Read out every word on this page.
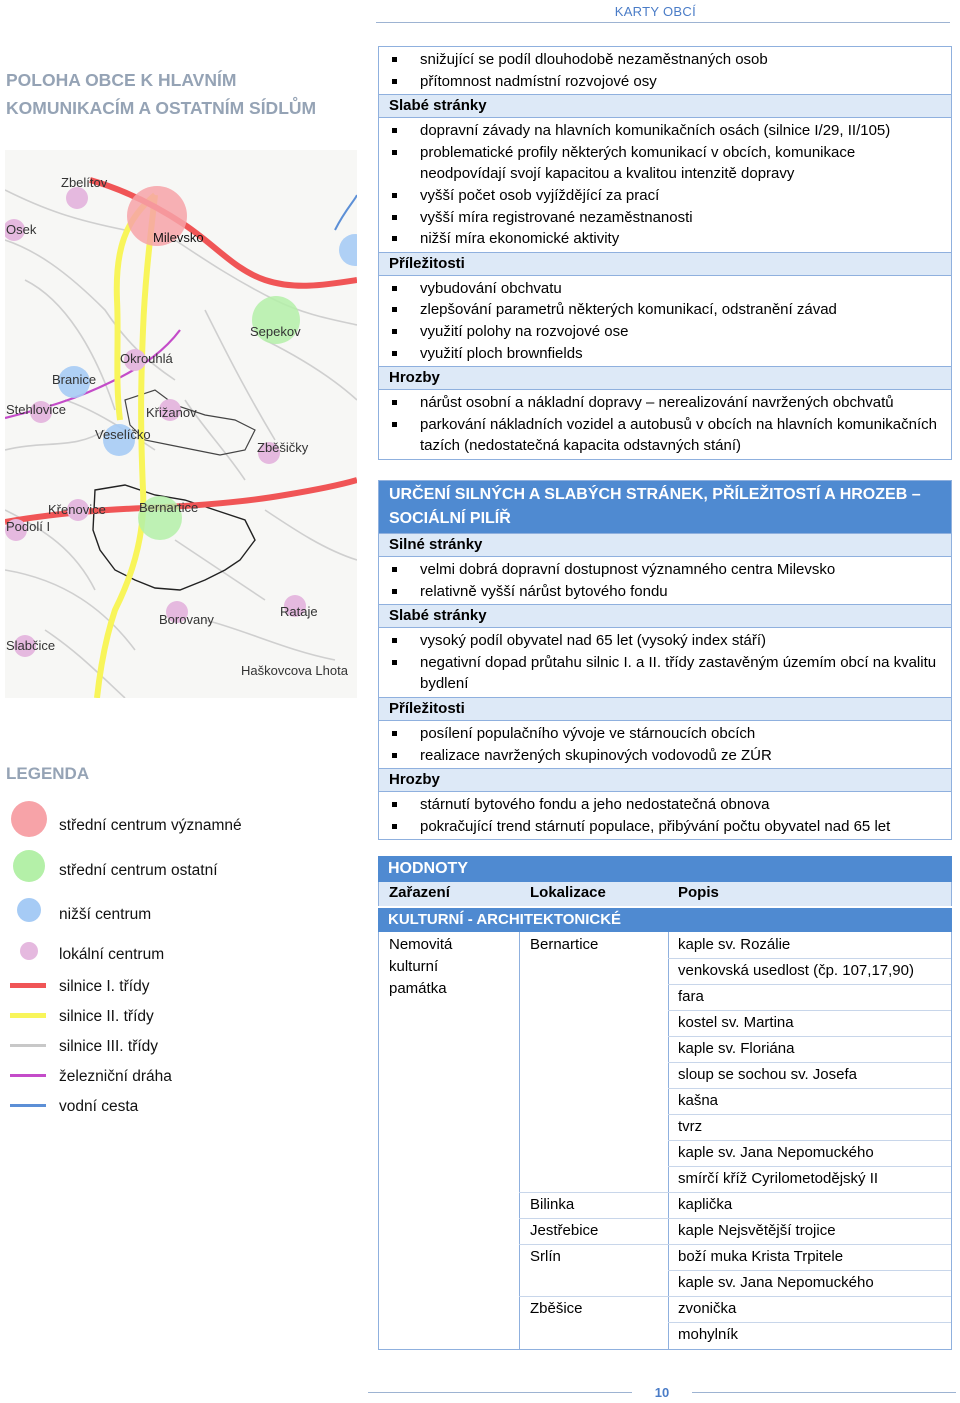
KARTY OBCÍ
POLOHA OBCE K HLAVNÍM KOMUNIKACÍM A OSTATNÍM SÍDLŮM
Zbelítov
Osek
Milevsko
Sepekov
Okrouhlá
Branice
Stehlovice	Křižanov
Veselíčko
Zběšičky
Křenovice
Podolí I
Bernartice
Borovany
Rataje
Slabčice
Haškovcova Lhota
LEGENDA
střední centrum významné
střední centrum ostatní
nižší centrum
lokální centrum
silnice I. třídy
silnice II. třídy
silnice III. třídy
železniční dráha
vodní cesta
snižující se podíl dlouhodobě nezaměstnaných osob
přítomnost nadmístní rozvojové osy
Slabé stránky
dopravní závady na hlavních komunikačních osách (silnice I/29, II/105)
problematické profily některých komunikací v obcích, komunikace neodpovídají svojí kapacitou a kvalitou intenzitě dopravy
vyšší počet osob vyjíždějící za prací
vyšší míra registrované nezaměstnanosti
nižší míra ekonomické aktivity
Příležitosti
vybudování obchvatu
zlepšování parametrů některých komunikací, odstranění závad
využití polohy na rozvojové ose
využití ploch brownfields
Hrozby
nárůst osobní a nákladní dopravy – nerealizování navržených obchvatů
parkování nákladních vozidel a autobusů v obcích na hlavních komunikačních tazích (nedostatečná kapacita odstavných stání)
URČENÍ SILNÝCH A SLABÝCH STRÁNEK, PŘÍLEŽITOSTÍ A HROZEB – SOCIÁLNÍ PILÍŘ
Silné stránky
velmi dobrá dopravní dostupnost významného centra Milevsko
relativně vyšší nárůst bytového fondu
Slabé stránky
vysoký podíl obyvatel nad 65 let (vysoký index stáří)
negativní dopad průtahu silnic I. a II. třídy zastavěným územím obcí na kvalitu bydlení
Příležitosti
posílení populačního vývoje ve stárnoucích obcích
realizace navržených skupinových vodovodů ze ZÚR
Hrozby
stárnutí bytového fondu a jeho nedostatečná obnova
pokračující trend stárnutí populace, přibývání počtu obyvatel nad 65 let
HODNOTY
Zařazení	Lokalizace	Popis
KULTURNÍ - ARCHITEKTONICKÉ
Nemovitá kulturní památka
Bernartice	kaple sv. Rozálie
venkovská usedlost (čp. 107,17,90)
fara
kostel sv. Martina
kaple sv. Floriána
sloup se sochou sv. Josefa
kašna
tvrz
kaple sv. Jana Nepomuckého
smírčí kříž Cyrilometodějský II
Bilinka	kaplička
Jestřebice	kaple Nejsvětější trojice
Srlín	boží muka Krista Trpitele
kaple sv. Jana Nepomuckého
Zběšice	zvonička
mohylník
10
